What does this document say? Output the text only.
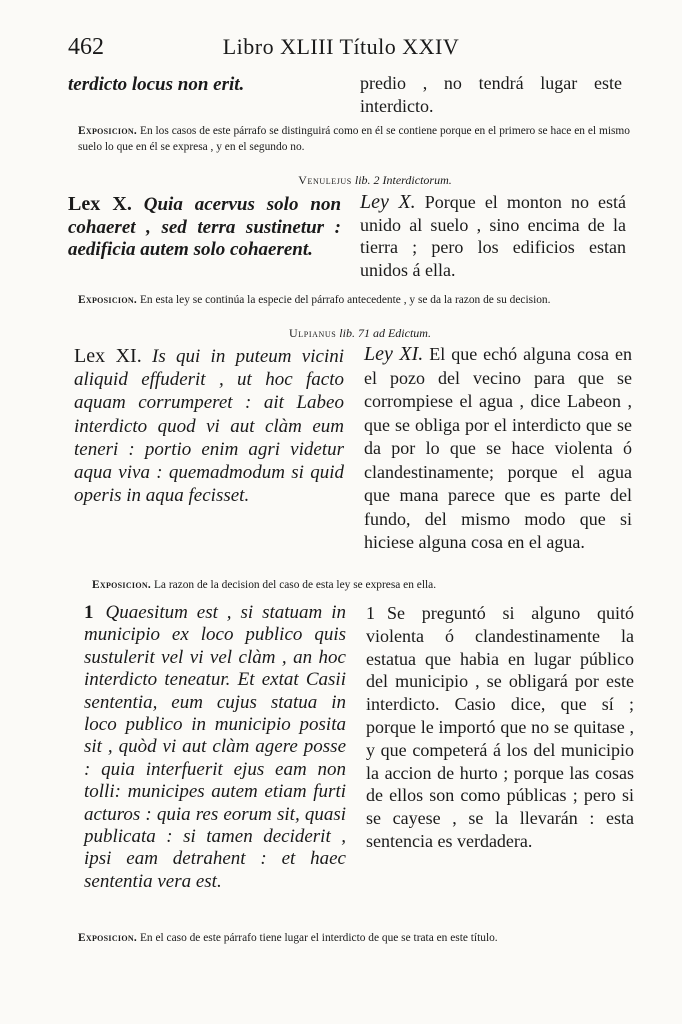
462	Libro XLIII Título XXIV
terdicto locus non erit.	predio , no tendrá lugar este interdicto.
Exposicion. En los casos de este párrafo se distinguirá como en él se contiene porque en el primero se hace en el mismo suelo lo que en él se expresa , y en el segundo no.
Venulejus lib. 2 Interdictorum.
Lex X. Quia acervus solo non cohaeret , sed terra sustinetur : aedificia autem solo cohaerent.
Ley X. Porque el monton no está unido al suelo , sino encima de la tierra ; pero los edificios estan unidos á ella.
Exposicion. En esta ley se continúa la especie del párrafo antecedente , y se da la razon de su decision.
Ulpianus lib. 71 ad Edictum.
Lex XI. Is qui in puteum vicini aliquid effuderit , ut hoc facto aquam corrumperet : ait Labeo interdicto quod vi aut clàm eum teneri : portio enim agri videtur aqua viva : quemadmodum si quid operis in aqua fecisset.
Ley XI. El que echó alguna cosa en el pozo del vecino para que se corrompiese el agua , dice Labeon , que se obliga por el interdicto que se da por lo que se hace violenta ó clandestinamente; porque el agua que mana parece que es parte del fundo, del mismo modo que si hiciese alguna cosa en el agua.
Exposicion. La razon de la decision del caso de esta ley se expresa en ella.
1 Quaesitum est , si statuam in municipio ex loco publico quis sustulerit vel vi vel clàm , an hoc interdicto teneatur. Et extat Casii sententia, eum cujus statua in loco publico in municipio posita sit , quòd vi aut clàm agere posse : quia interfuerit ejus eam non tolli: municipes autem etiam furti acturos : quia res eorum sit, quasi publicata : si tamen deciderit , ipsi eam detrahent : et haec sententia vera est.
1 Se preguntó si alguno quitó violenta ó clandestinamente la estatua que habia en lugar público del municipio , se obligará por este interdicto. Casio dice, que sí ; porque le importó que no se quitase , y que competerá á los del municipio la accion de hurto ; porque las cosas de ellos son como públicas ; pero si se cayese , se la llevarán : esta sentencia es verdadera.
Exposicion. En el caso de este párrafo tiene lugar el interdicto de que se trata en este título.
